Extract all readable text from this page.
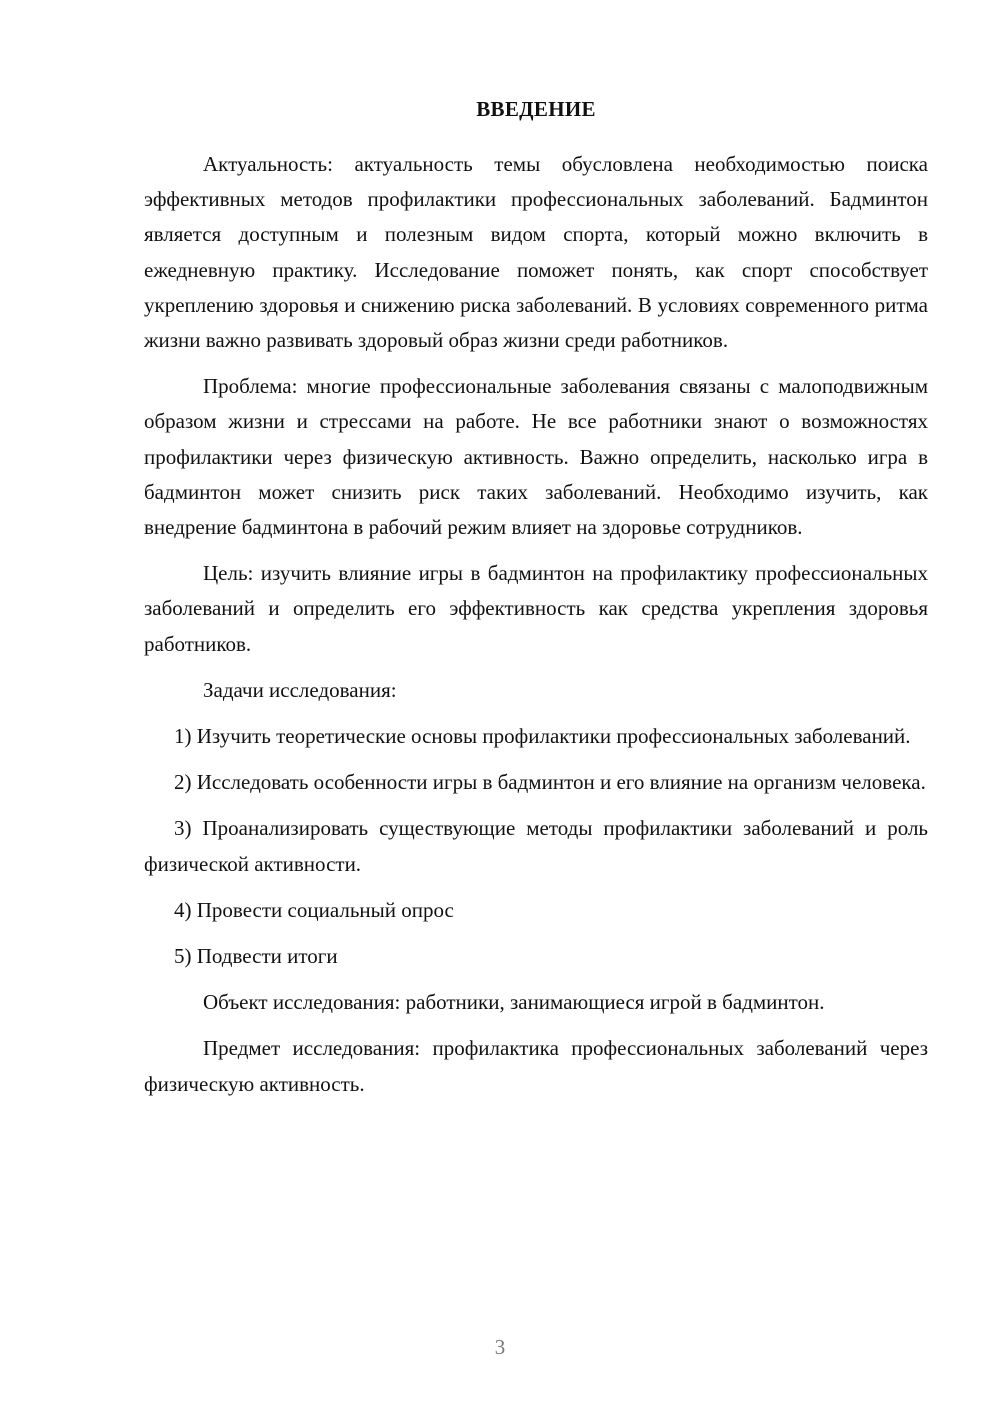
ВВЕДЕНИЕ

Актуальность: актуальность темы обусловлена необходимостью поиска эффективных методов профилактики профессиональных заболеваний. Бадминтон является доступным и полезным видом спорта, который можно включить в ежедневную практику. Исследование поможет понять, как спорт способствует укреплению здоровья и снижению риска заболеваний. В условиях современного ритма жизни важно развивать здоровый образ жизни среди работников.

Проблема: многие профессиональные заболевания связаны с малоподвижным образом жизни и стрессами на работе. Не все работники знают о возможностях профилактики через физическую активность. Важно определить, насколько игра в бадминтон может снизить риск таких заболеваний. Необходимо изучить, как внедрение бадминтона в рабочий режим влияет на здоровье сотрудников.

Цель: изучить влияние игры в бадминтон на профилактику профессиональных заболеваний и определить его эффективность как средства укрепления здоровья работников.

Задачи исследования:

1) Изучить теоретические основы профилактики профессиональных заболеваний.

2) Исследовать особенности игры в бадминтон и его влияние на организм человека.

3) Проанализировать существующие методы профилактики заболеваний и роль физической активности.

4) Провести социальный опрос

5) Подвести итоги

Объект исследования: работники, занимающиеся игрой в бадминтон.

Предмет исследования: профилактика профессиональных заболеваний через физическую активность.

3
